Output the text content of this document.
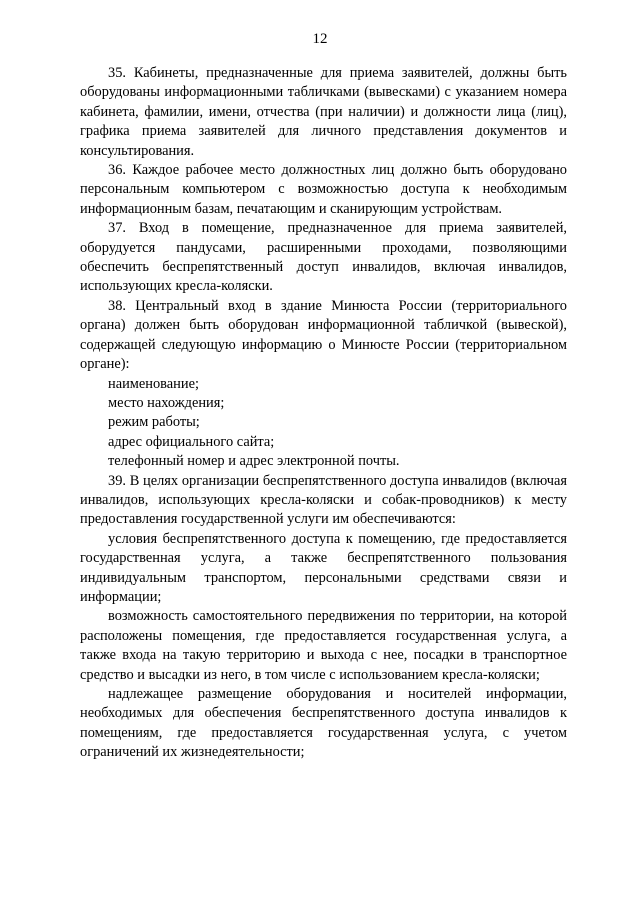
12

35. Кабинеты, предназначенные для приема заявителей, должны быть оборудованы информационными табличками (вывесками) с указанием номера кабинета, фамилии, имени, отчества (при наличии) и должности лица (лиц), графика приема заявителей для личного представления документов и консультирования.

36. Каждое рабочее место должностных лиц должно быть оборудовано персональным компьютером с возможностью доступа к необходимым информационным базам, печатающим и сканирующим устройствам.

37. Вход в помещение, предназначенное для приема заявителей, оборудуется пандусами, расширенными проходами, позволяющими обеспечить беспрепятственный доступ инвалидов, включая инвалидов, использующих кресла-коляски.

38. Центральный вход в здание Минюста России (территориального органа) должен быть оборудован информационной табличкой (вывеской), содержащей следующую информацию о Минюсте России (территориальном органе):

наименование;

место нахождения;

режим работы;

адрес официального сайта;

телефонный номер и адрес электронной почты.

39. В целях организации беспрепятственного доступа инвалидов (включая инвалидов, использующих кресла-коляски и собак-проводников) к месту предоставления государственной услуги им обеспечиваются:

условия беспрепятственного доступа к помещению, где предоставляется государственная услуга, а также беспрепятственного пользования индивидуальным транспортом, персональными средствами связи и информации;

возможность самостоятельного передвижения по территории, на которой расположены помещения, где предоставляется государственная услуга, а также входа на такую территорию и выхода с нее, посадки в транспортное средство и высадки из него, в том числе с использованием кресла-коляски;

надлежащее размещение оборудования и носителей информации, необходимых для обеспечения беспрепятственного доступа инвалидов к помещениям, где предоставляется государственная услуга, с учетом ограничений их жизнедеятельности;
